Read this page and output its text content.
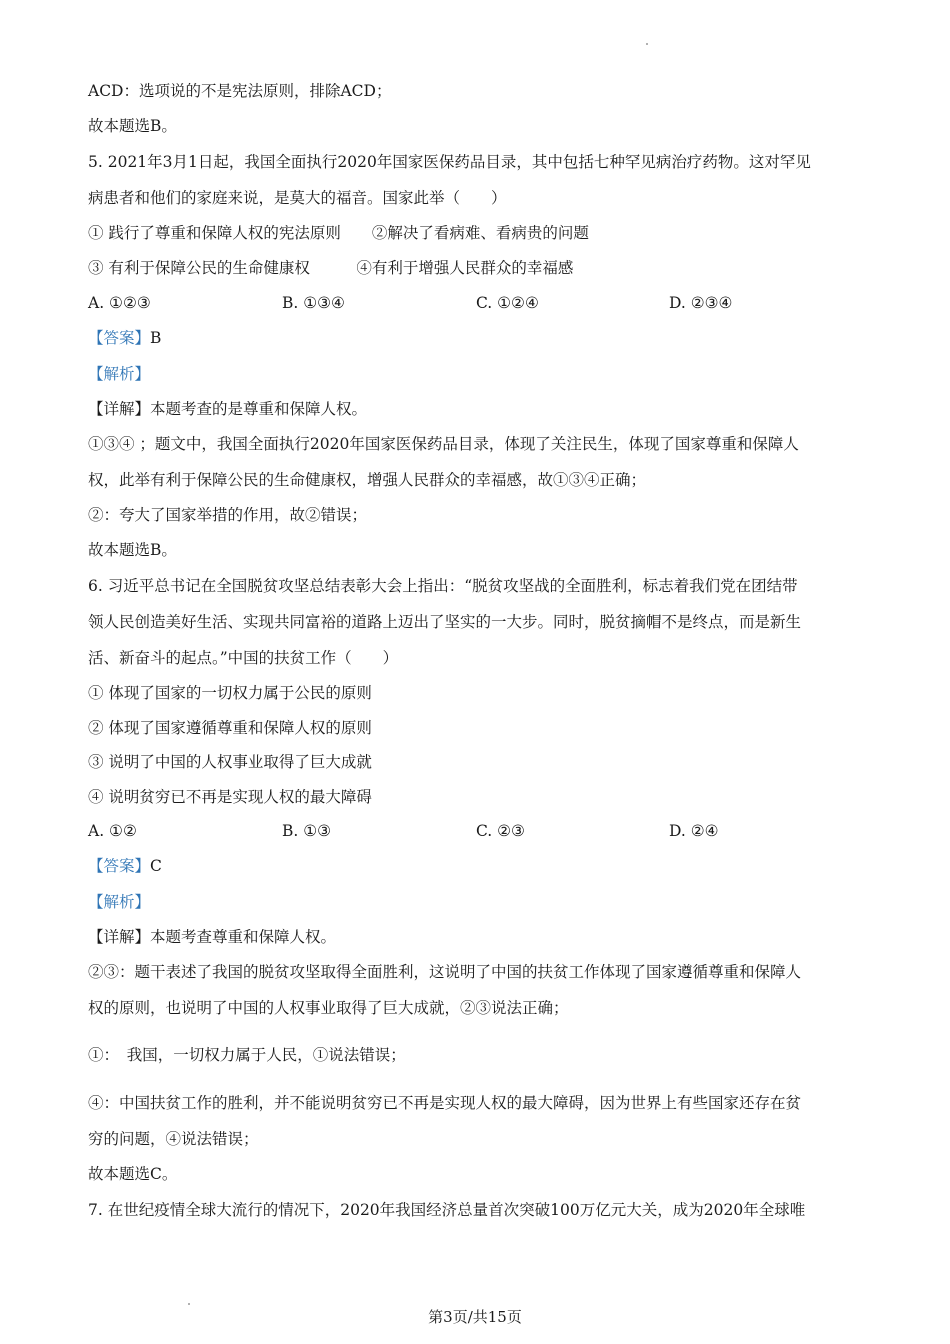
ACD：选项说的不是宪法原则，排除ACD；
故本题选B。
5. 2021年3月1日起，我国全面执行2020年国家医保药品目录，其中包括七种罕见病治疗药物。这对罕见
病患者和他们的家庭来说，是莫大的福音。国家此举（　　）
① 践行了尊重和保障人权的宪法原则　　②解决了看病难、看病贵的问题
③ 有利于保障公民的生命健康权　　　④有利于增强人民群众的幸福感
A. ①②③	B. ①③④	C. ①②④	D. ②③④
【答案】B
【解析】
【详解】本题考查的是尊重和保障人权。
①③④ ；题文中，我国全面执行2020年国家医保药品目录，体现了关注民生，体现了国家尊重和保障人
权，此举有利于保障公民的生命健康权，增强人民群众的幸福感，故①③④正确；
②：夸大了国家举措的作用，故②错误；
故本题选B。
6. 习近平总书记在全国脱贫攻坚总结表彰大会上指出：“脱贫攻坚战的全面胜利，标志着我们党在团结带
领人民创造美好生活、实现共同富裕的道路上迈出了坚实的一大步。同时，脱贫摘帽不是终点，而是新生
活、新奋斗的起点。”中国的扶贫工作（　　）
① 体现了国家的一切权力属于公民的原则
② 体现了国家遵循尊重和保障人权的原则
③ 说明了中国的人权事业取得了巨大成就
④ 说明贫穷已不再是实现人权的最大障碍
A. ①②	B. ①③	C. ②③	D. ②④
【答案】C
【解析】
【详解】本题考查尊重和保障人权。
②③：题干表述了我国的脱贫攻坚取得全面胜利，这说明了中国的扶贫工作体现了国家遵循尊重和保障人
权的原则，也说明了中国的人权事业取得了巨大成就，②③说法正确；
①：　我国，一切权力属于人民，①说法错误；
④：中国扶贫工作的胜利，并不能说明贫穷已不再是实现人权的最大障碍，因为世界上有些国家还存在贫
穷的问题，④说法错误；
故本题选C。
7. 在世纪疫情全球大流行的情况下，2020年我国经济总量首次突破100万亿元大关，成为2020年全球唯
第3页/共15页
